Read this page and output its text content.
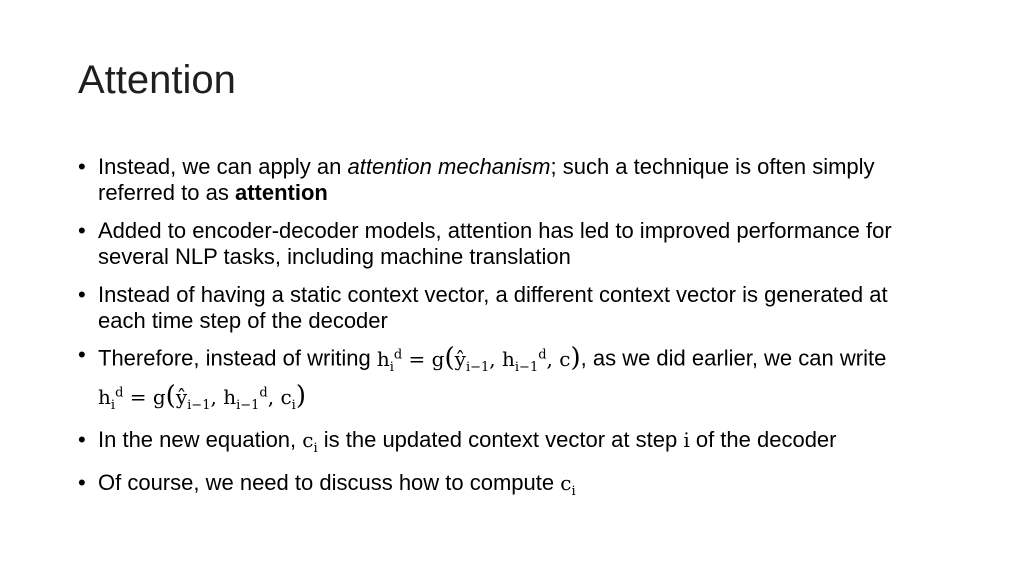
Attention
• Instead, we can apply an attention mechanism; such a technique is often simply referred to as attention
• Added to encoder-decoder models, attention has led to improved performance for several NLP tasks, including machine translation
• Instead of having a static context vector, a different context vector is generated at each time step of the decoder
• Therefore, instead of writing $h_i^d$ = $g(ŷ_{i-1}$, $h_{i-1}^d$, c), as we did earlier, we can write $h_i^d$ = $g(ŷ_{i-1}$, $h_{i-1}^d$, $c_i$)
• In the new equation, $c_i$ is the updated context vector at step i of the decoder
• Of course, we need to discuss how to compute $c_i$
